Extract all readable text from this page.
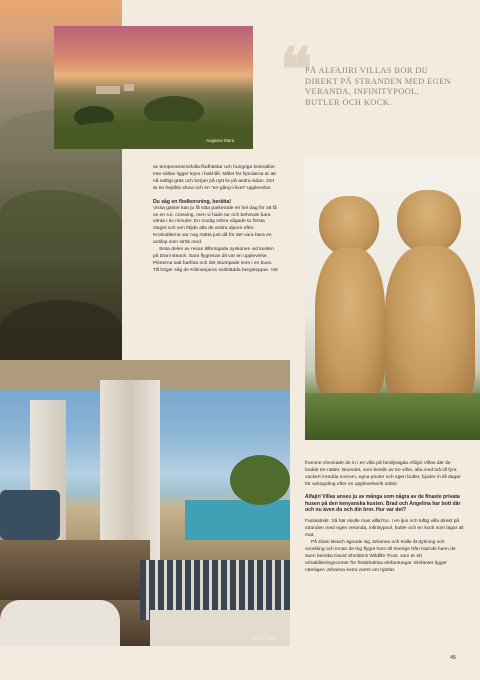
Angama Mara
❝
PÅ ALFAJIRI VILLAS BOR DU DIREKT PÅ STRANDEN MED EGEN VERANDA, INFINITYPOOL, BUTLER OCH KOCK.

av temperamentsfulla flodhästar och hungriga krokodiler. Inte sällan ligger lejon i bakhåll. Målet för hjordarna är att nå saftigt gräs och början på nytt liv på andra sidan. Det är en hejdlös show och en ”en-gång-i-livet”-upplevelse.

Du såg en flodkorsning, berätta!

Vissa gäster kan ju få sitta parkerade en hel dag för att få se en s.k. crossing, men vi hade tur och behövde bara vänta i tio minuter. En modig zebra vågade ta första steget och sen följde alla de andra djuren efter. Krokodilerna var nog mätta just då för det vara bara en antilop som strök med.

Sista delen av resan tillbringade syskonen vid kusten på Diani Beach. Sara flygresan dit var en upplevelse. Piloterna satt barfota och det skumpade som i en buss. Till höger såg de Kilimanjaros snöklädda bergstoppar. Väl

Alfajiri Villas

framme checkade de in i en villa på familjeägda Alfajiri Villas där de bodde tre nätter. Boendet, som består av tre villor, alla med två till fyra vackert inredda sovrum, egna pooler och egen butler, bjuder in till dagar för avkoppling efter en upplevelserik safari.

Alfajiri Villas anses ju av många som några av de finaste privata husen på den kenyanska kusten. Brad och Angelina har bott där och nu även du och din bror. Hur var det?

Fantastiskt. Så här skulle man alltid bo. I en ljus och luftig villa direkt på stranden med egen veranda, infinitypool, butler och en kock som lagar all mat.

På Diani Beach ägnade sig Johanna och Kalle åt dykning och snorkling och innan de tog flyget hem till Sverige från Nairobi hann de även besöka David Sheldrick Wildlife Trust, som är ett rehabiliteringscenter för föräldralösa elefantungar. Elefanter ligger nämligen Johanna extra varmt om hjärtat.

45
